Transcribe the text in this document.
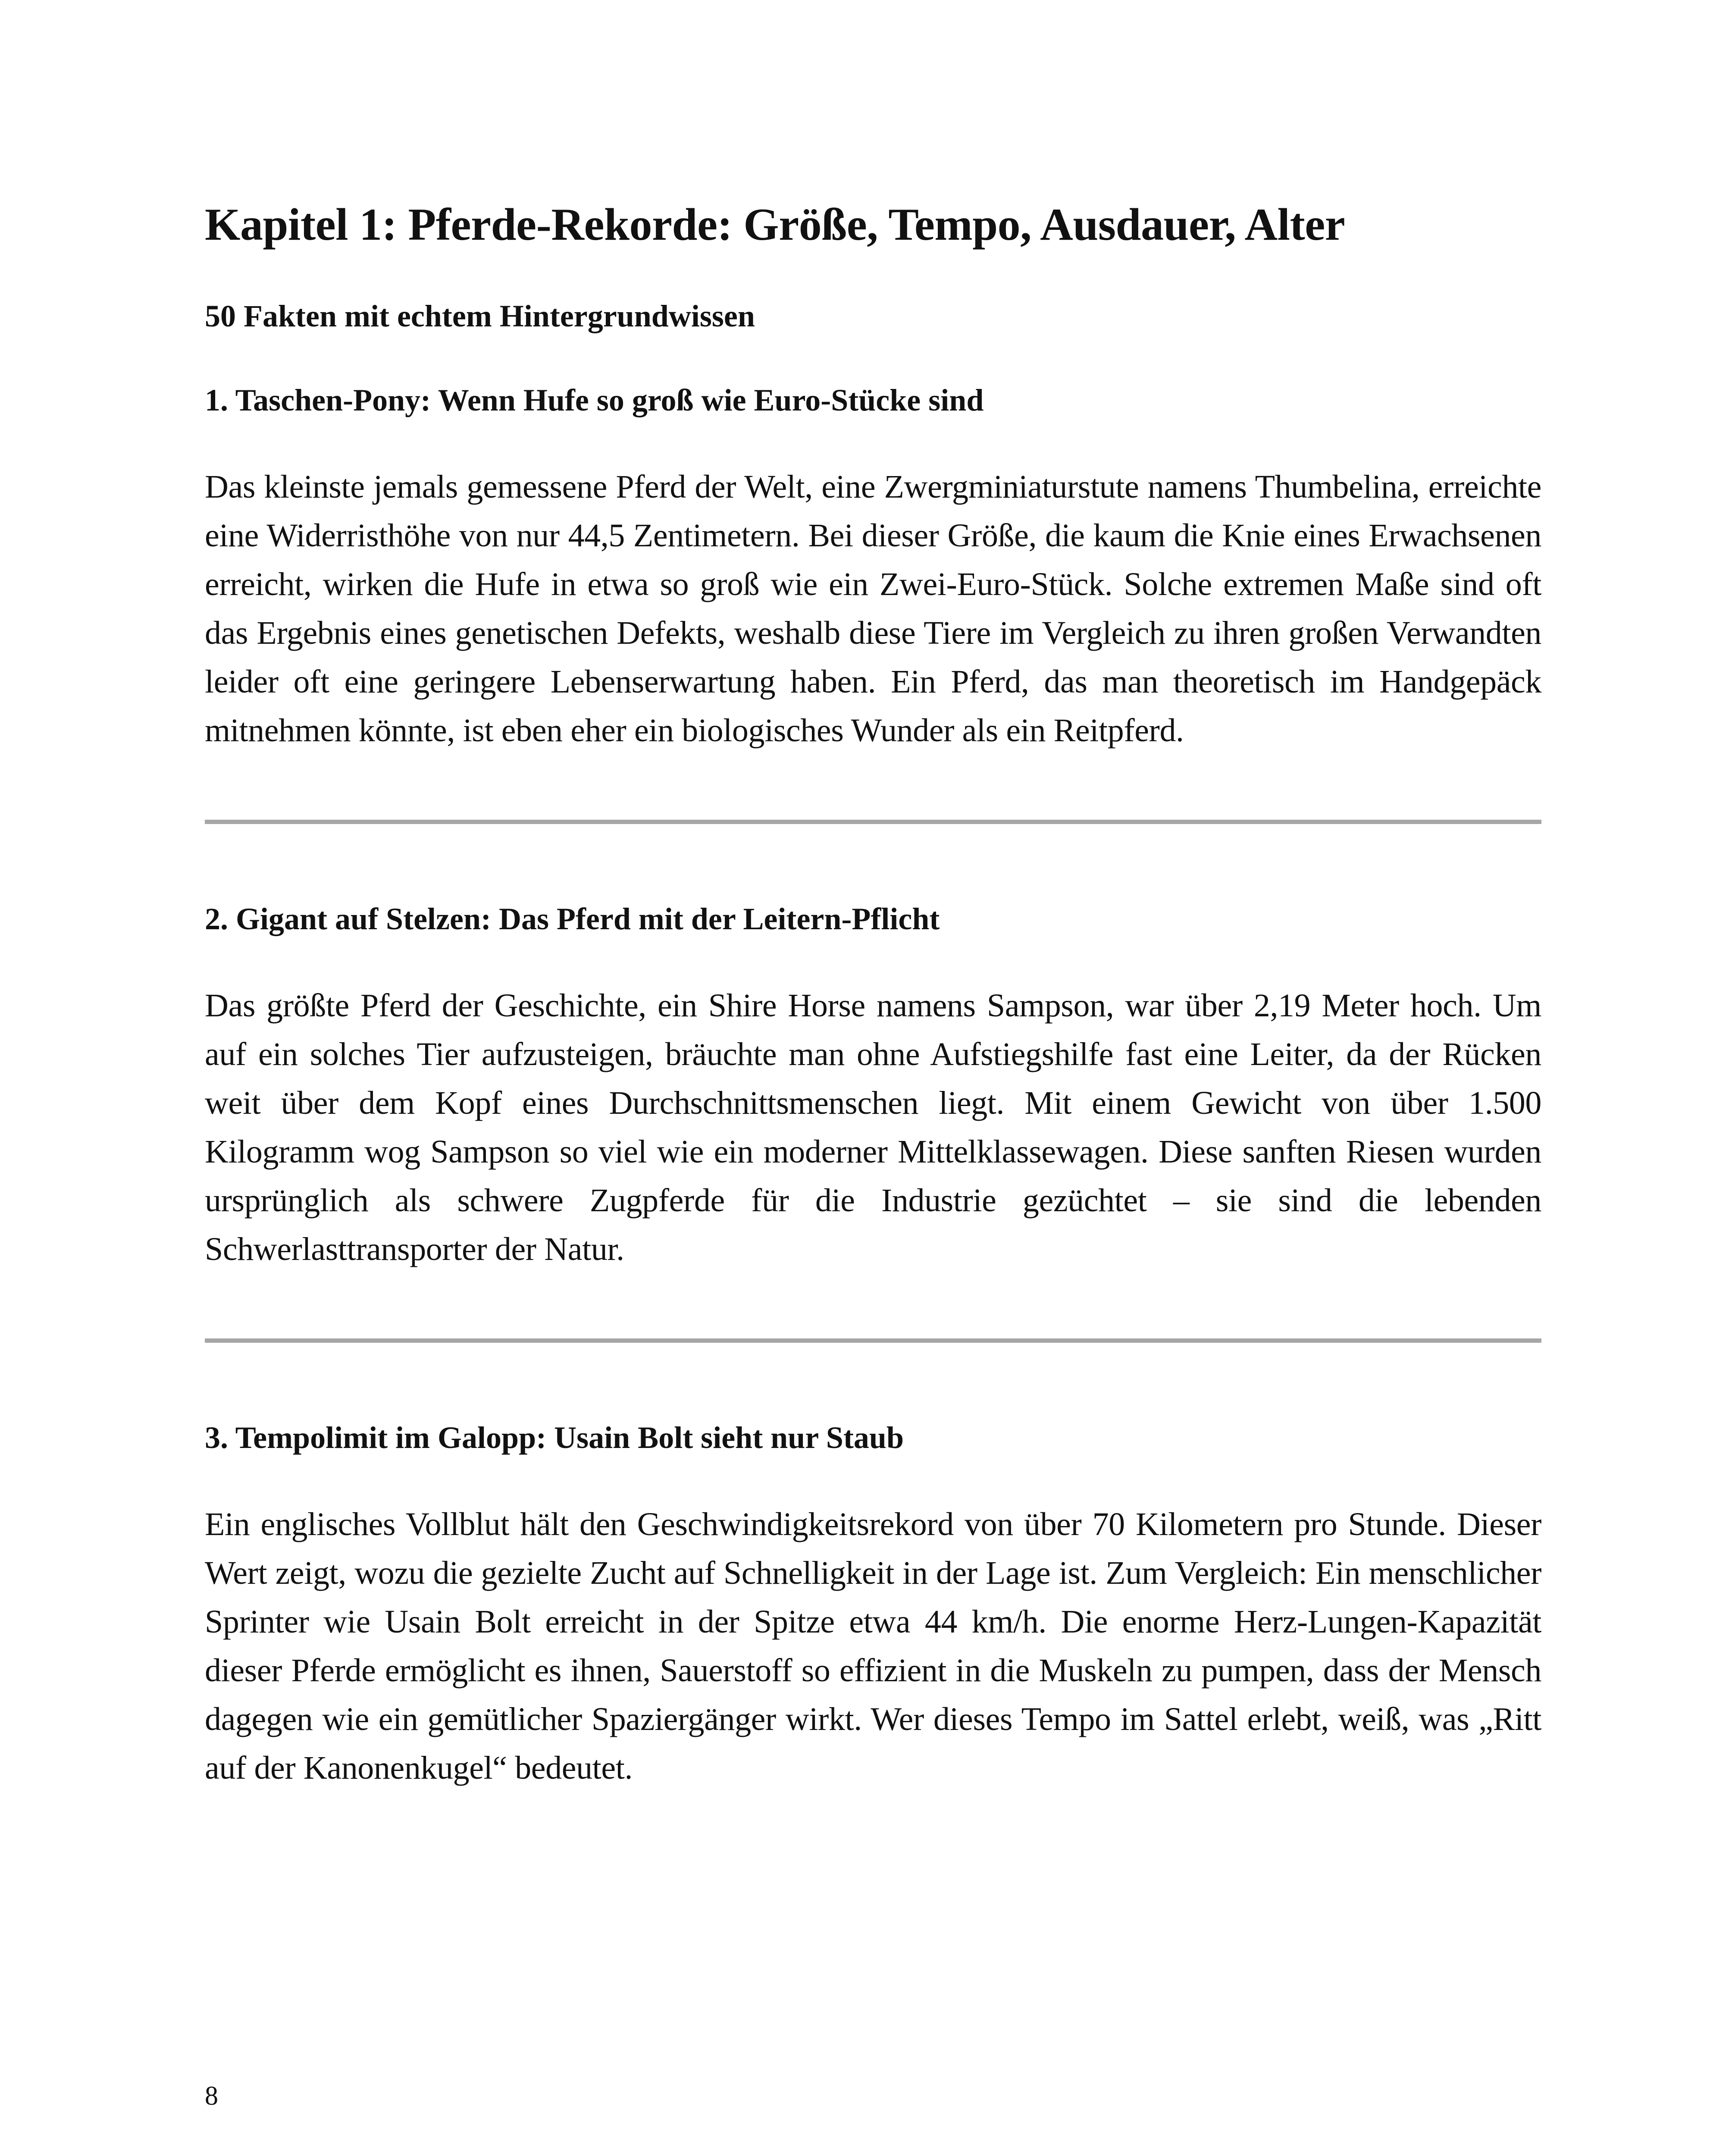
Kapitel 1: Pferde-Rekorde: Größe, Tempo, Ausdauer, Alter
50 Fakten mit echtem Hintergrundwissen
1. Taschen-Pony: Wenn Hufe so groß wie Euro-Stücke sind

Das kleinste jemals gemessene Pferd der Welt, eine Zwergminiaturstute namens Thumbelina, erreichte eine Widerristhöhe von nur 44,5 Zentimetern. Bei dieser Größe, die kaum die Knie eines Erwachsenen erreicht, wirken die Hufe in etwa so groß wie ein Zwei-Euro-Stück. Solche extremen Maße sind oft das Ergebnis eines genetischen Defekts, weshalb diese Tiere im Vergleich zu ihren großen Verwandten leider oft eine geringere Lebenserwartung haben. Ein Pferd, das man theoretisch im Handgepäck mitnehmen könnte, ist eben eher ein biologisches Wunder als ein Reitpferd.

2. Gigant auf Stelzen: Das Pferd mit der Leitern-Pflicht

Das größte Pferd der Geschichte, ein Shire Horse namens Sampson, war über 2,19 Meter hoch. Um auf ein solches Tier aufzusteigen, bräuchte man ohne Aufstiegshilfe fast eine Leiter, da der Rücken weit über dem Kopf eines Durchschnittsmenschen liegt. Mit einem Gewicht von über 1.500 Kilogramm wog Sampson so viel wie ein moderner Mittelklassewagen. Diese sanften Riesen wurden ursprünglich als schwere Zugpferde für die Industrie gezüchtet – sie sind die lebenden Schwerlasttransporter der Natur.

3. Tempolimit im Galopp: Usain Bolt sieht nur Staub

Ein englisches Vollblut hält den Geschwindigkeitsrekord von über 70 Kilometern pro Stunde. Dieser Wert zeigt, wozu die gezielte Zucht auf Schnelligkeit in der Lage ist. Zum Vergleich: Ein menschlicher Sprinter wie Usain Bolt erreicht in der Spitze etwa 44 km/h. Die enorme Herz-Lungen-Kapazität dieser Pferde ermöglicht es ihnen, Sauerstoff so effizient in die Muskeln zu pumpen, dass der Mensch dagegen wie ein gemütlicher Spaziergänger wirkt. Wer dieses Tempo im Sattel erlebt, weiß, was „Ritt auf der Kanonenkugel“ bedeutet.

8
